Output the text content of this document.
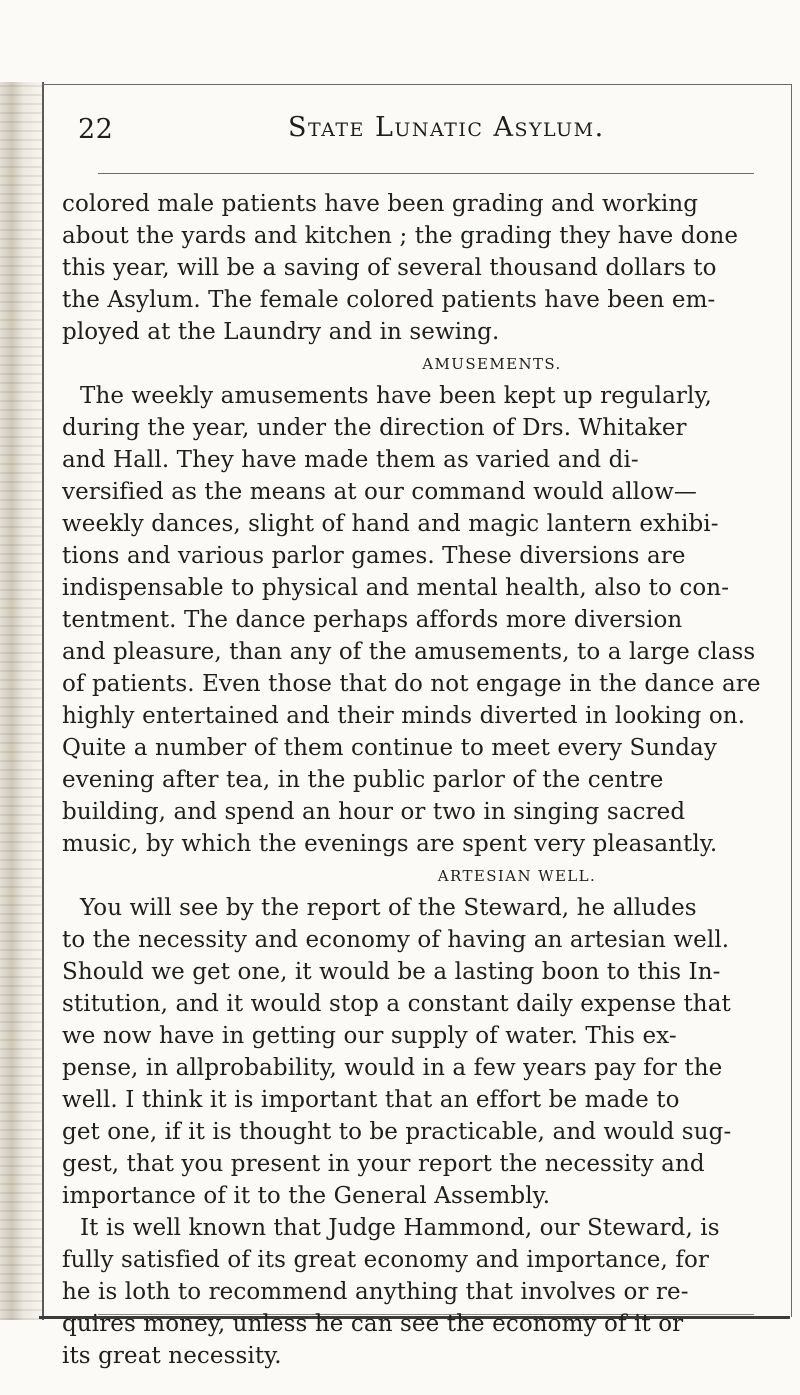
22	State Lunatic Asylum.
colored male patients have been grading and working
about the yards and kitchen ; the grading they have done
this year, will be a saving of several thousand dollars to
the Asylum. The female colored patients have been em-
ployed at the Laundry and in sewing.
AMUSEMENTS.
The weekly amusements have been kept up regularly,
during the year, under the direction of Drs. Whitaker
and Hall. They have made them as varied and di-
versified as the means at our command would allow—
weekly dances, slight of hand and magic lantern exhibi-
tions and various parlor games. These diversions are
indispensable to physical and mental health, also to con-
tentment. The dance perhaps affords more diversion
and pleasure, than any of the amusements, to a large class
of patients. Even those that do not engage in the dance are
highly entertained and their minds diverted in looking on.
Quite a number of them continue to meet every Sunday
evening after tea, in the public parlor of the centre
building, and spend an hour or two in singing sacred
music, by which the evenings are spent very pleasantly.
ARTESIAN WELL.
You will see by the report of the Steward, he alludes
to the necessity and economy of having an artesian well.
Should we get one, it would be a lasting boon to this In-
stitution, and it would stop a constant daily expense that
we now have in getting our supply of water. This ex-
pense, in allprobability, would in a few years pay for the
well. I think it is important that an effort be made to
get one, if it is thought to be practicable, and would sug-
gest, that you present in your report the necessity and
importance of it to the General Assembly.
It is well known that Judge Hammond, our Steward, is
fully satisfied of its great economy and importance, for
he is loth to recommend anything that involves or re-
quires money, unless he can see the economy of it or
its great necessity.
